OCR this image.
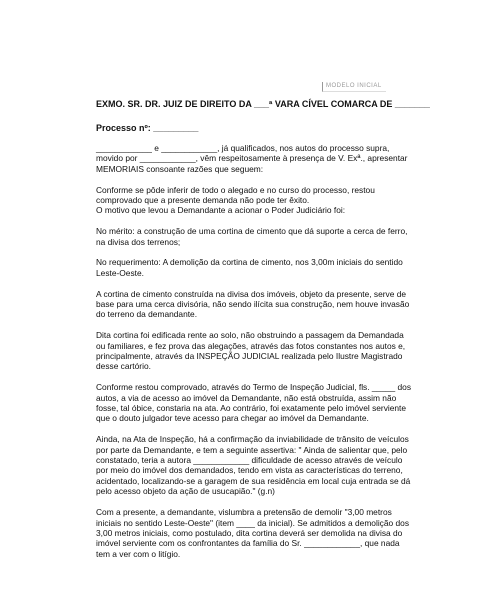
MODELO INICIAL
EXMO. SR. DR. JUIZ DE DIREITO DA ___ª VARA CÍVEL COMARCA DE _______
Processo nº: _________

____________ e ____________, já qualificados, nos autos do processo supra, movido por ____________, vêm respeitosamente à presença de V. Exª., apresentar MEMORIAIS consoante razões que seguem:

Conforme se pôde inferir de todo o alegado e no curso do processo, restou comprovado que a presente demanda não pode ter êxito.

O motivo que levou a Demandante a acionar o Poder Judiciário foi:

No mérito: a construção de uma cortina de cimento que dá suporte a cerca de ferro, na divisa dos terrenos;

No requerimento: A demolição da cortina de cimento, nos 3,00m iniciais do sentido Leste-Oeste.

A cortina de cimento construída na divisa dos imóveis, objeto da presente, serve de base para uma cerca divisória, não sendo ilícita sua construção, nem houve invasão do terreno da demandante.

Dita cortina foi edificada rente ao solo, não obstruindo a passagem da Demandada ou familiares, e fez prova das alegações, através das fotos constantes nos autos e, principalmente, através da INSPEÇÃO JUDICIAL realizada pelo Ilustre Magistrado desse cartório.

Conforme restou comprovado, através do Termo de Inspeção Judicial, fls. _____ dos autos, a via de acesso ao imóvel da Demandante, não está obstruída, assim não fosse, tal óbice, constaria na ata. Ao contrário, foi exatamente pelo imóvel serviente que o douto julgador teve acesso para chegar ao imóvel da Demandante.

Ainda, na Ata de Inspeção, há a confirmação da inviabilidade de trânsito de veículos por parte da Demandante, e tem a seguinte assertiva: " Ainda de salientar que, pelo constatado, teria a autora ____________ dificuldade de acesso através de veículo por meio do imóvel dos demandados, tendo em vista as características do terreno, acidentado, localizando-se a garagem de sua residência em local cuja entrada se dá pelo acesso objeto da ação de usucapião." (g.n)

Com a presente, a demandante, vislumbra a pretensão de demolir "3,00 metros iniciais no sentido Leste-Oeste" (item ____ da inicial). Se admitidos a demolição dos 3,00 metros iniciais, como postulado, dita cortina deverá ser demolida na divisa do imóvel serviente com os confrontantes da família do Sr. ____________, que nada tem a ver com o litígio.
